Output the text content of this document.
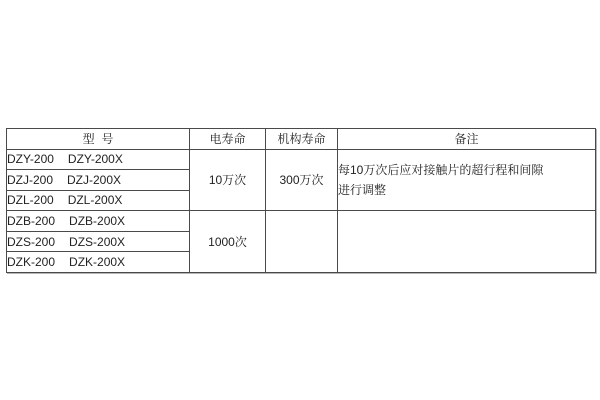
型  号	电寿命	机构寿命	备注
DZY-200 DZY-200X	10万次	300万次	每10万次后应对接触片的超行程和间隙
进行调整

DZJ-200 DZJ-200X			
DZL-200 DZL-200X			
DZB-200 DZB-200X	1000次		

DZS-200 DZS-200X			
DZK-200 DZK-200X			
